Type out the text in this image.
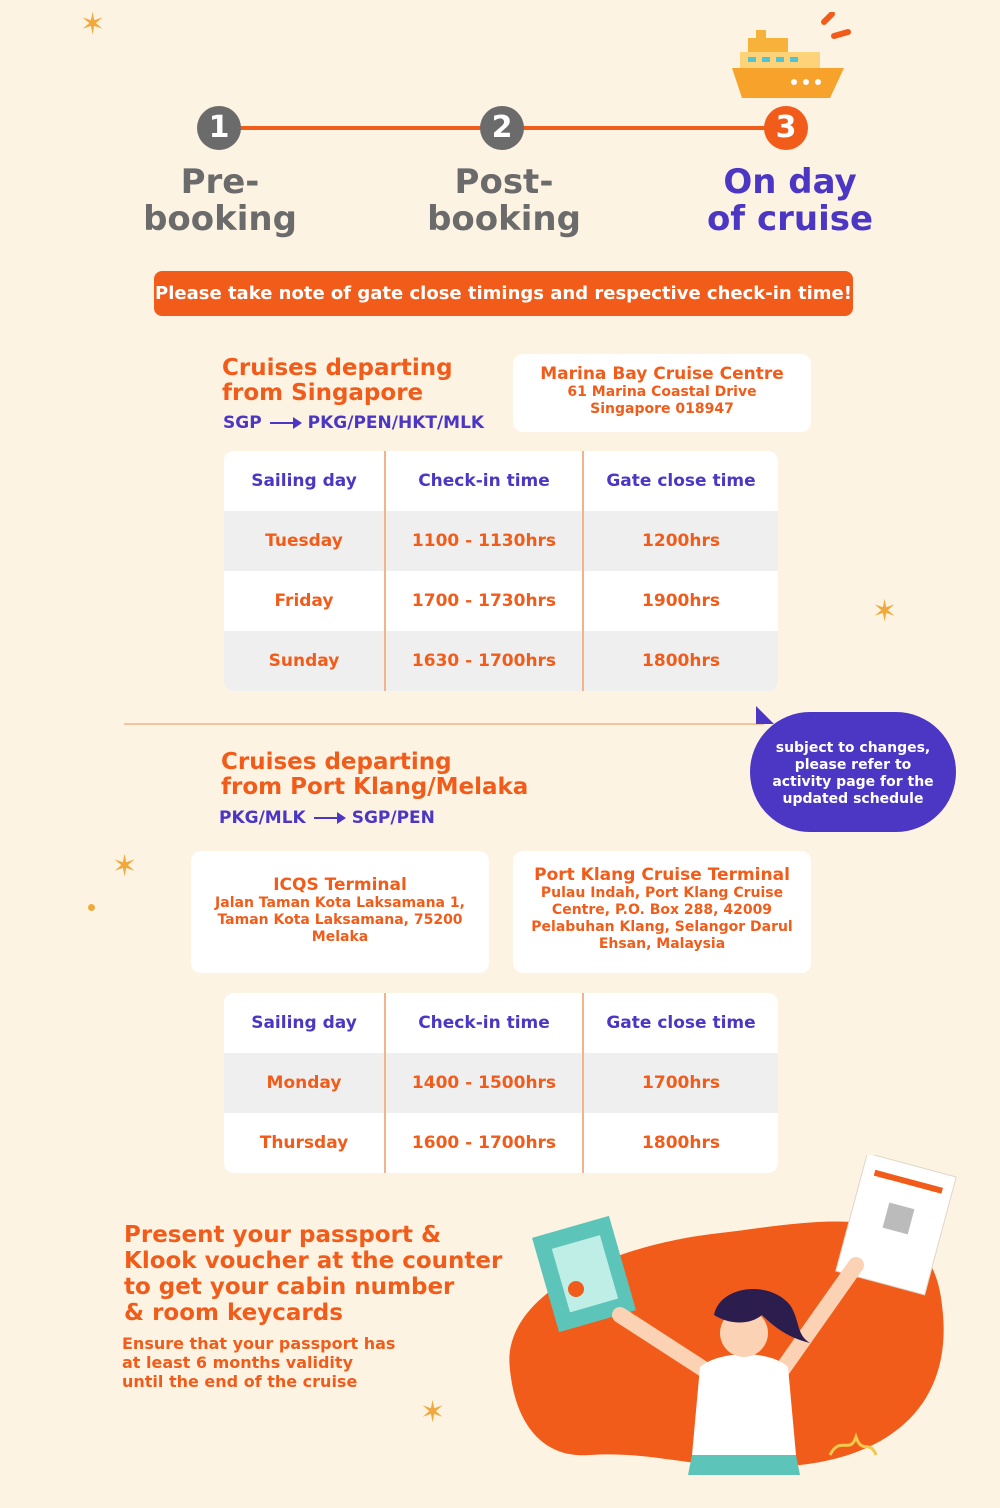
✶
✶
✶
✶
1	2	3
Pre-
booking
Post-
booking
On day
of cruise
Please take note of gate close timings and respective check-in time!
Cruises departing
from Singapore
SGP	PKG/PEN/HKT/MLK
Marina Bay Cruise Centre
61 Marina Coastal Drive
Singapore 018947
Sailing day	Check-in time	Gate close time
Tuesday	1100 - 1130hrs	1200hrs
Friday	1700 - 1730hrs	1900hrs
Sunday	1630 - 1700hrs	1800hrs
subject to changes,
please refer to
activity page for the
updated schedule
Cruises departing
from Port Klang/Melaka
PKG/MLK	SGP/PEN
ICQS Terminal
Jalan Taman Kota Laksamana 1,
Taman Kota Laksamana, 75200
Melaka
Port Klang Cruise Terminal
Pulau Indah, Port Klang Cruise
Centre, P.O. Box 288, 42009
Pelabuhan Klang, Selangor Darul
Ehsan, Malaysia
Sailing day	Check-in time	Gate close time
Monday	1400 - 1500hrs	1700hrs
Thursday	1600 - 1700hrs	1800hrs
Present your passport &
Klook voucher at the counter
to get your cabin number
& room keycards
Ensure that your passport has
at least 6 months validity
until the end of the cruise
